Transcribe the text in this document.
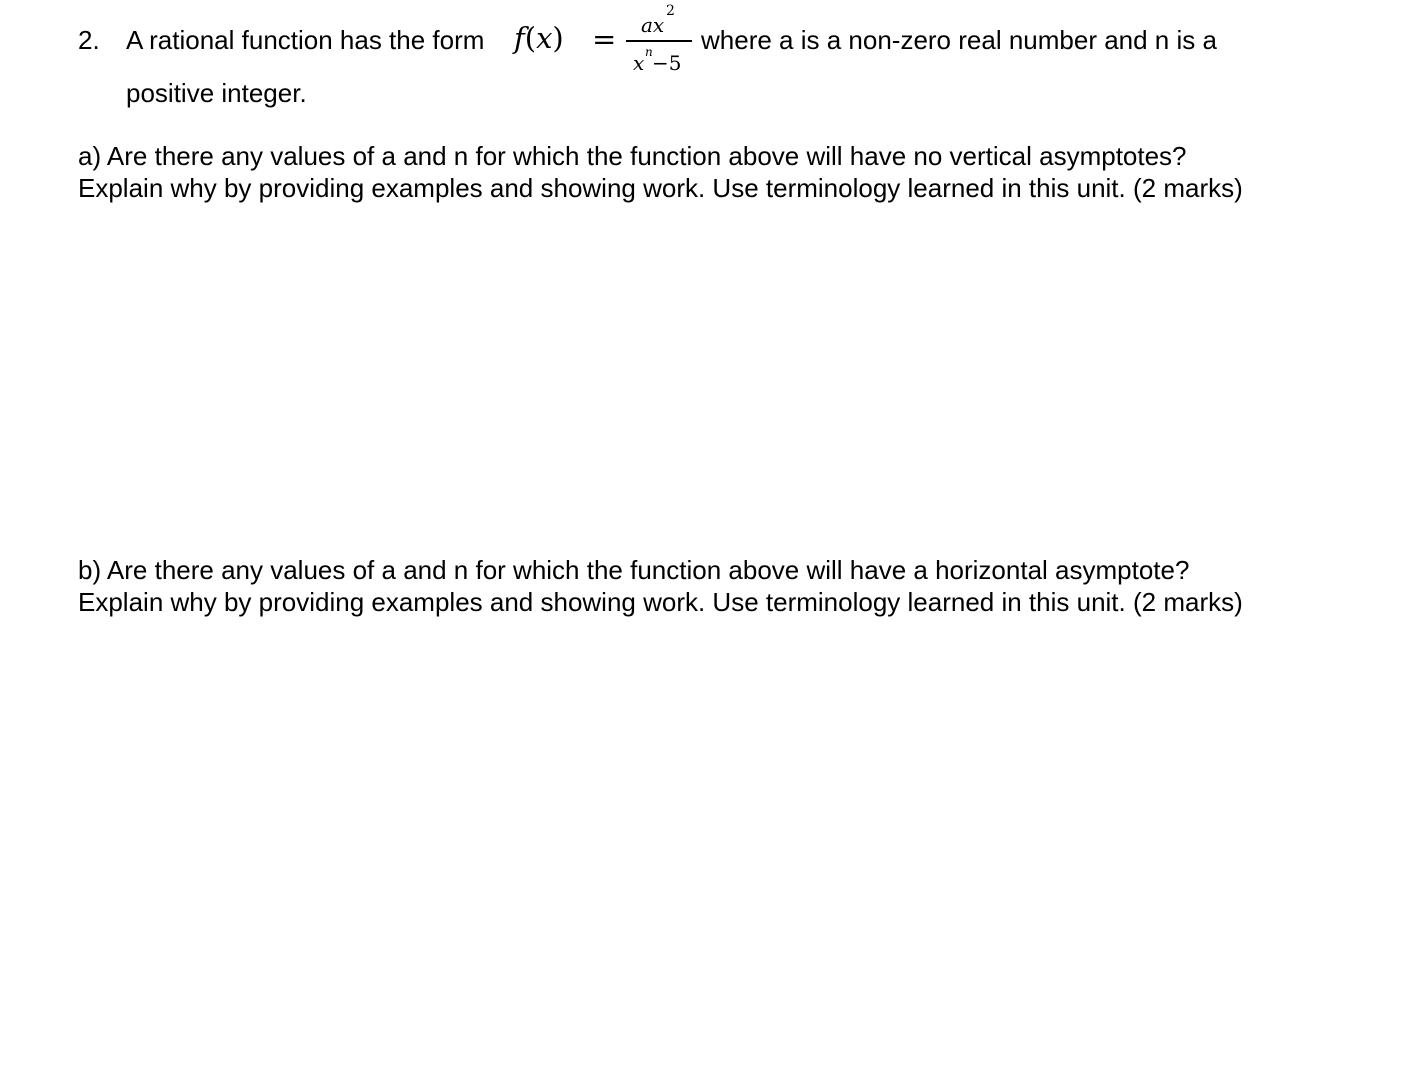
2. A rational function has the form f(x) = ax
2
x n −5
where a is a non-zero real number and n is a
positive integer.
a) Are there any values of a and n for which the function above will have no vertical asymptotes?
Explain why by providing examples and showing work. Use terminology learned in this unit. (2 marks)
b) Are there any values of a and n for which the function above will have a horizontal asymptote?
Explain why by providing examples and showing work. Use terminology learned in this unit. (2 marks)
